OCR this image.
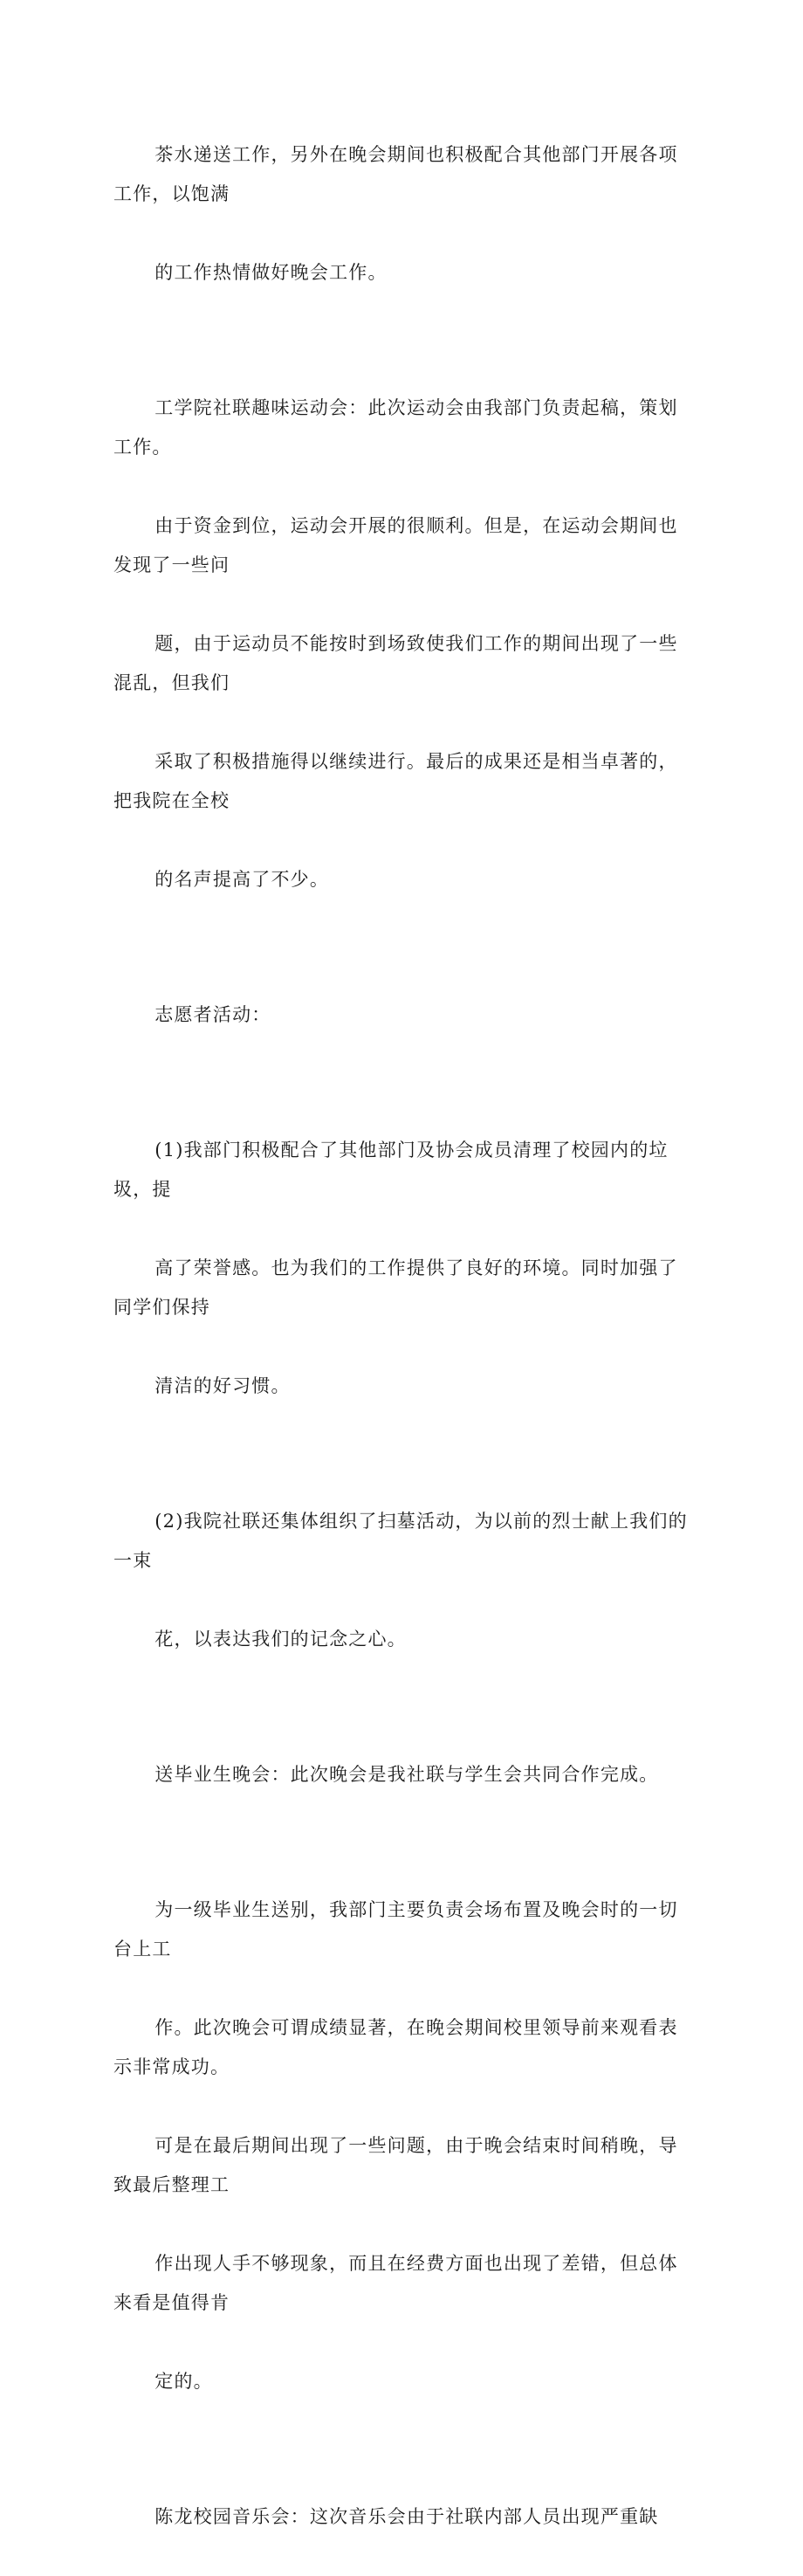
茶水递送工作，另外在晚会期间也积极配合其他部门开展各项工作，以饱满

的工作热情做好晚会工作。

工学院社联趣味运动会：此次运动会由我部门负责起稿，策划工作。

由于资金到位，运动会开展的很顺利。但是，在运动会期间也发现了一些问

题，由于运动员不能按时到场致使我们工作的期间出现了一些混乱，但我们

采取了积极措施得以继续进行。最后的成果还是相当卓著的，把我院在全校

的名声提高了不少。

志愿者活动：

(1)我部门积极配合了其他部门及协会成员清理了校园内的垃圾，提

高了荣誉感。也为我们的工作提供了良好的环境。同时加强了同学们保持

清洁的好习惯。

(2)我院社联还集体组织了扫墓活动，为以前的烈士献上我们的一束

花，以表达我们的记念之心。

送毕业生晚会：此次晚会是我社联与学生会共同合作完成。

为一级毕业生送别，我部门主要负责会场布置及晚会时的一切台上工

作。此次晚会可谓成绩显著，在晚会期间校里领导前来观看表示非常成功。

可是在最后期间出现了一些问题，由于晚会结束时间稍晚，导致最后整理工

作出现人手不够现象，而且在经费方面也出现了差错，但总体来看是值得肯

定的。

陈龙校园音乐会：这次音乐会由于社联内部人员出现严重缺
